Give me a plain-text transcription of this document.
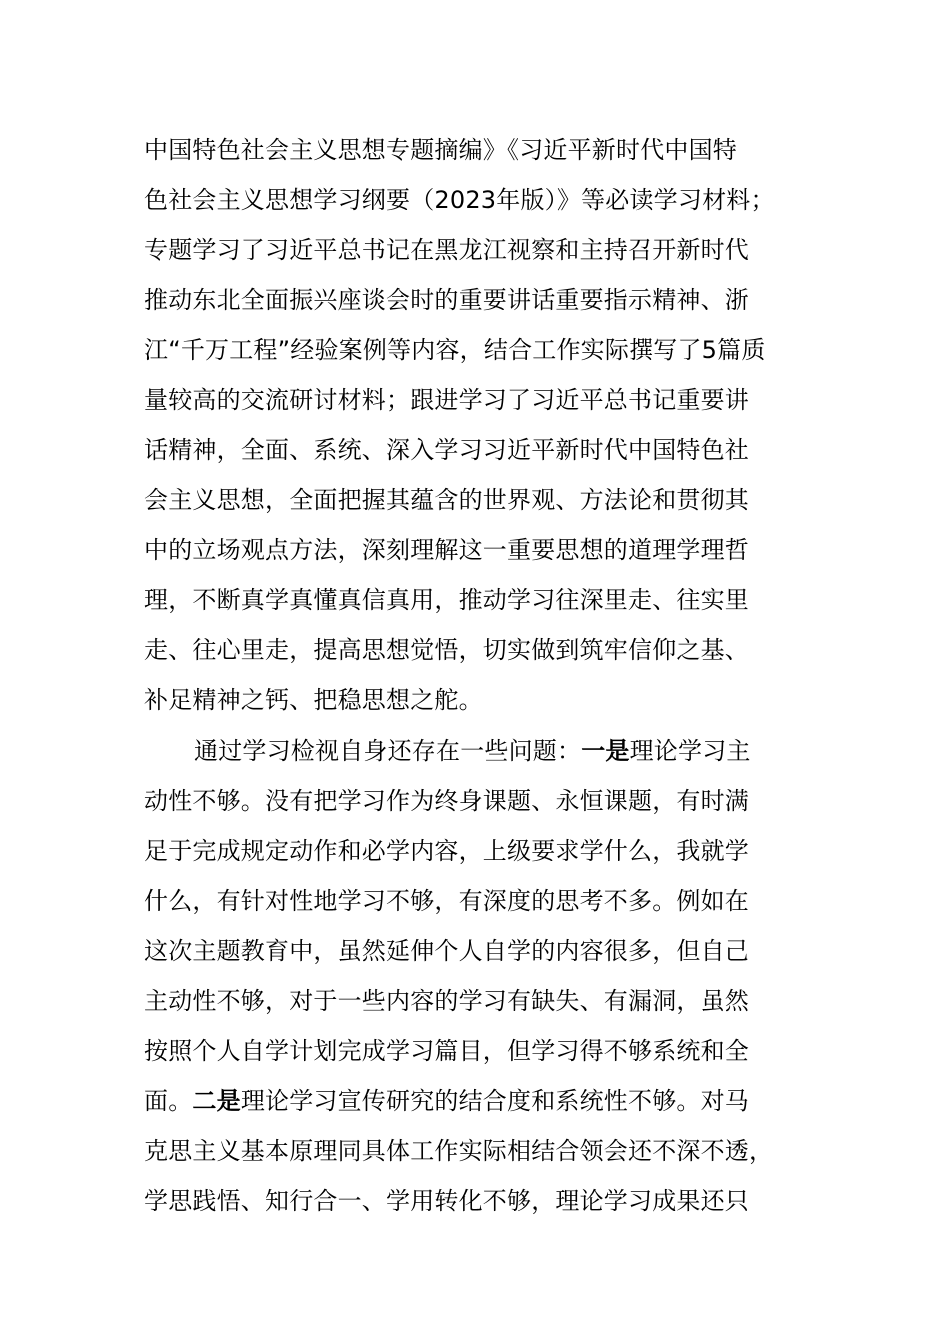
中国特色社会主义思想专题摘编》《习近平新时代中国特
色社会主义思想学习纲要（2023年版）》等必读学习材料；
专题学习了习近平总书记在黑龙江视察和主持召开新时代
推动东北全面振兴座谈会时的重要讲话重要指示精神、浙
江“千万工程”经验案例等内容，结合工作实际撰写了5篇质
量较高的交流研讨材料；跟进学习了习近平总书记重要讲
话精神，全面、系统、深入学习习近平新时代中国特色社
会主义思想，全面把握其蕴含的世界观、方法论和贯彻其
中的立场观点方法，深刻理解这一重要思想的道理学理哲
理，不断真学真懂真信真用，推动学习往深里走、往实里
走、往心里走，提高思想觉悟，切实做到筑牢信仰之基、
补足精神之钙、把稳思想之舵。
通过学习检视自身还存在一些问题：一是理论学习主
动性不够。没有把学习作为终身课题、永恒课题，有时满
足于完成规定动作和必学内容，上级要求学什么，我就学
什么，有针对性地学习不够，有深度的思考不多。例如在
这次主题教育中，虽然延伸个人自学的内容很多，但自己
主动性不够，对于一些内容的学习有缺失、有漏洞，虽然
按照个人自学计划完成学习篇目，但学习得不够系统和全
面。二是理论学习宣传研究的结合度和系统性不够。对马
克思主义基本原理同具体工作实际相结合领会还不深不透，
学思践悟、知行合一、学用转化不够，理论学习成果还只
